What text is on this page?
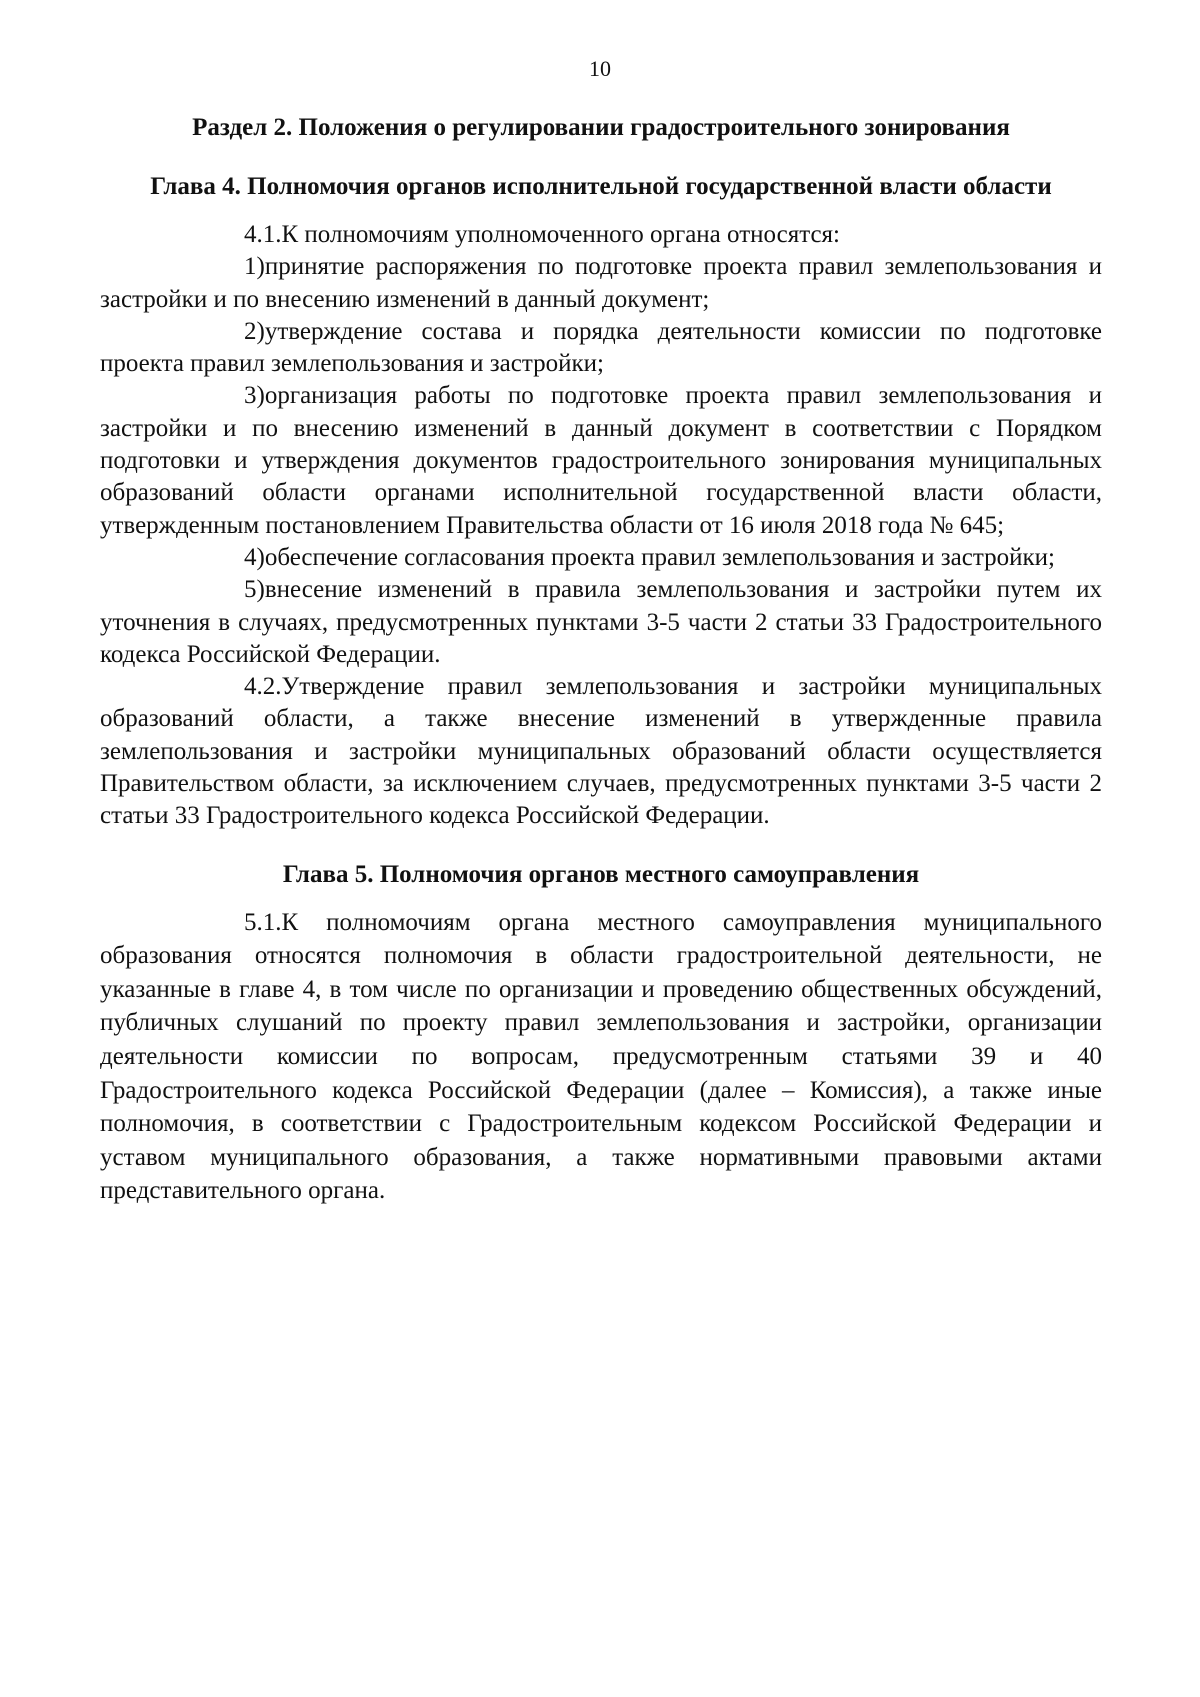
10
Раздел 2. Положения о регулировании градостроительного зонирования
Глава 4. Полномочия органов исполнительной государственной власти области

4.1.К полномочиям уполномоченного органа относятся:

1)принятие распоряжения по подготовке проекта правил землепользования и застройки и по внесению изменений в данный документ;

2)утверждение состава и порядка деятельности комиссии по подготовке проекта правил землепользования и застройки;

3)организация работы по подготовке проекта правил землепользования и застройки и по внесению изменений в данный документ в соответствии с Порядком подготовки и утверждения документов градостроительного зонирования муниципальных образований области органами исполнительной государственной власти области, утвержденным постановлением Правительства области от 16 июля 2018 года № 645;

4)обеспечение согласования проекта правил землепользования и застройки;

5)внесение изменений в правила землепользования и застройки путем их уточнения в случаях, предусмотренных пунктами 3-5 части 2 статьи 33 Градостроительного кодекса Российской Федерации.

4.2.Утверждение правил землепользования и застройки муниципальных образований области, а также внесение изменений в утвержденные правила землепользования и застройки муниципальных образований области осуществляется Правительством области, за исключением случаев, предусмотренных пунктами 3-5 части 2 статьи 33 Градостроительного кодекса Российской Федерации.

Глава 5. Полномочия органов местного самоуправления

5.1.К полномочиям органа местного самоуправления муниципального образования относятся полномочия в области градостроительной деятельности, не указанные в главе 4, в том числе по организации и проведению общественных обсуждений, публичных слушаний по проекту правил землепользования и застройки, организации деятельности комиссии по вопросам, предусмотренным статьями 39 и 40 Градостроительного кодекса Российской Федерации (далее – Комиссия), а также иные полномочия, в соответствии с Градостроительным кодексом Российской Федерации и уставом муниципального образования, а также нормативными правовыми актами представительного органа.
